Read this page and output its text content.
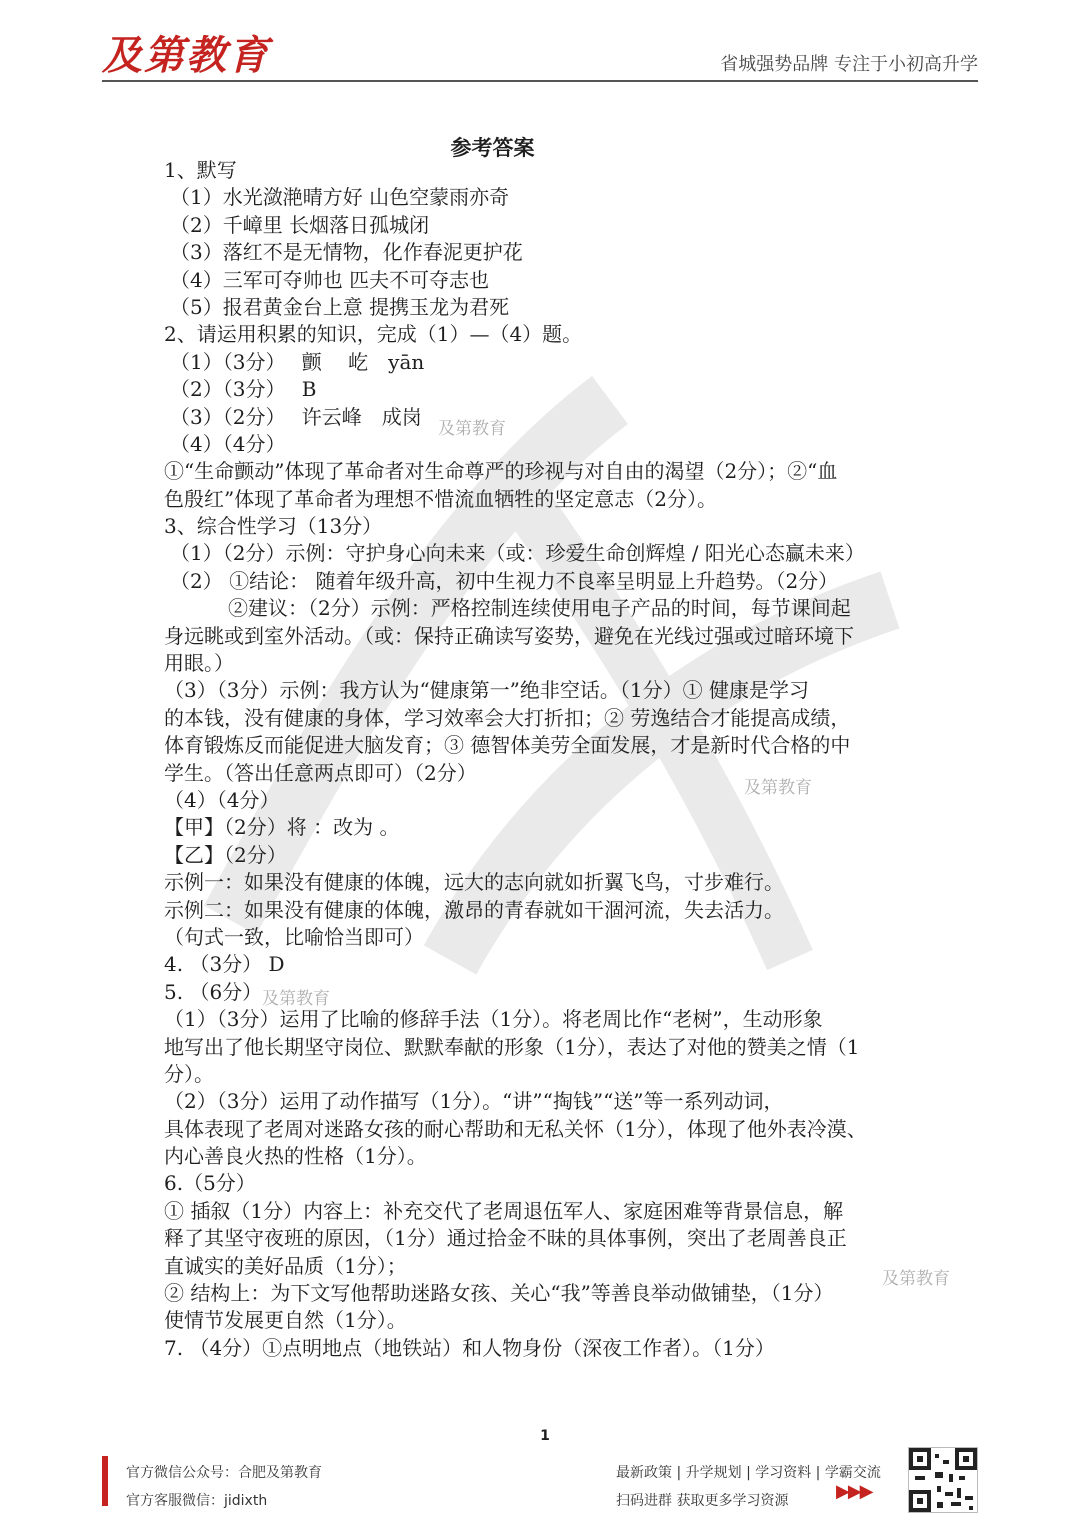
及第教育	省城强势品牌 专注于小初高升学
参考答案
1、默写
（1）水光潋滟晴方好 山色空蒙雨亦奇
（2）千嶂里 长烟落日孤城闭
（3）落红不是无情物，化作春泥更护花
（4）三军可夺帅也 匹夫不可夺志也
（5）报君黄金台上意 提携玉龙为君死
2、请运用积累的知识，完成（1）—（4）题。
（1）（3分）　 颤　 屹　yān
（2）（3分）　 B
（3）（2分）　 许云峰　成岗
（4）（4分）
①“生命颤动”体现了革命者对生命尊严的珍视与对自由的渴望（2分）；②“血
色殷红”体现了革命者为理想不惜流血牺牲的坚定意志（2分）。
3、综合性学习（13分）
（1）（2分）示例：守护身心向未来（或：珍爱生命创辉煌 / 阳光心态赢未来）
（2） ①结论： 随着年级升高，初中生视力不良率呈明显上升趋势。（2分）
②建议：（2分）示例：严格控制连续使用电子产品的时间，每节课间起
身远眺或到室外活动。（或：保持正确读写姿势，避免在光线过强或过暗环境下
用眼。）
（3）（3分）示例：我方认为“健康第一”绝非空话。（1分）① 健康是学习
的本钱，没有健康的身体，学习效率会大打折扣；② 劳逸结合才能提高成绩，
体育锻炼反而能促进大脑发育；③ 德智体美劳全面发展，才是新时代合格的中
学生。（答出任意两点即可）（2分）
（4）（4分）
【甲】（2分）将 ：改为 。
【乙】（2分）
示例一：如果没有健康的体魄，远大的志向就如折翼飞鸟，寸步难行。
示例二：如果没有健康的体魄，激昂的青春就如干涸河流，失去活力。
（句式一致，比喻恰当即可）
4. （3分） D
5. （6分）
（1）（3分）运用了比喻的修辞手法（1分）。将老周比作“老树”，生动形象
地写出了他长期坚守岗位、默默奉献的形象（1分），表达了对他的赞美之情（1
分）。
（2）（3分）运用了动作描写（1分）。“讲”“掏钱”“送”等一系列动词，
具体表现了老周对迷路女孩的耐心帮助和无私关怀（1分），体现了他外表冷漠、
内心善良火热的性格（1分）。
6.（5分）
① 插叙（1分）内容上：补充交代了老周退伍军人、家庭困难等背景信息，解
释了其坚守夜班的原因，（1分）通过拾金不昧的具体事例，突出了老周善良正
直诚实的美好品质（1分）；
② 结构上：为下文写他帮助迷路女孩、关心“我”等善良举动做铺垫，（1分）
使情节发展更自然（1分）。
7. （4分）①点明地点（地铁站）和人物身份（深夜工作者）。（1分）
及第教育
及第教育
及第教育
及第教育
1
官方微信公众号：合肥及第教育
官方客服微信：jidixth
最新政策 | 升学规划 | 学习资料 | 学霸交流
扫码进群 获取更多学习资源	▶▶▶
